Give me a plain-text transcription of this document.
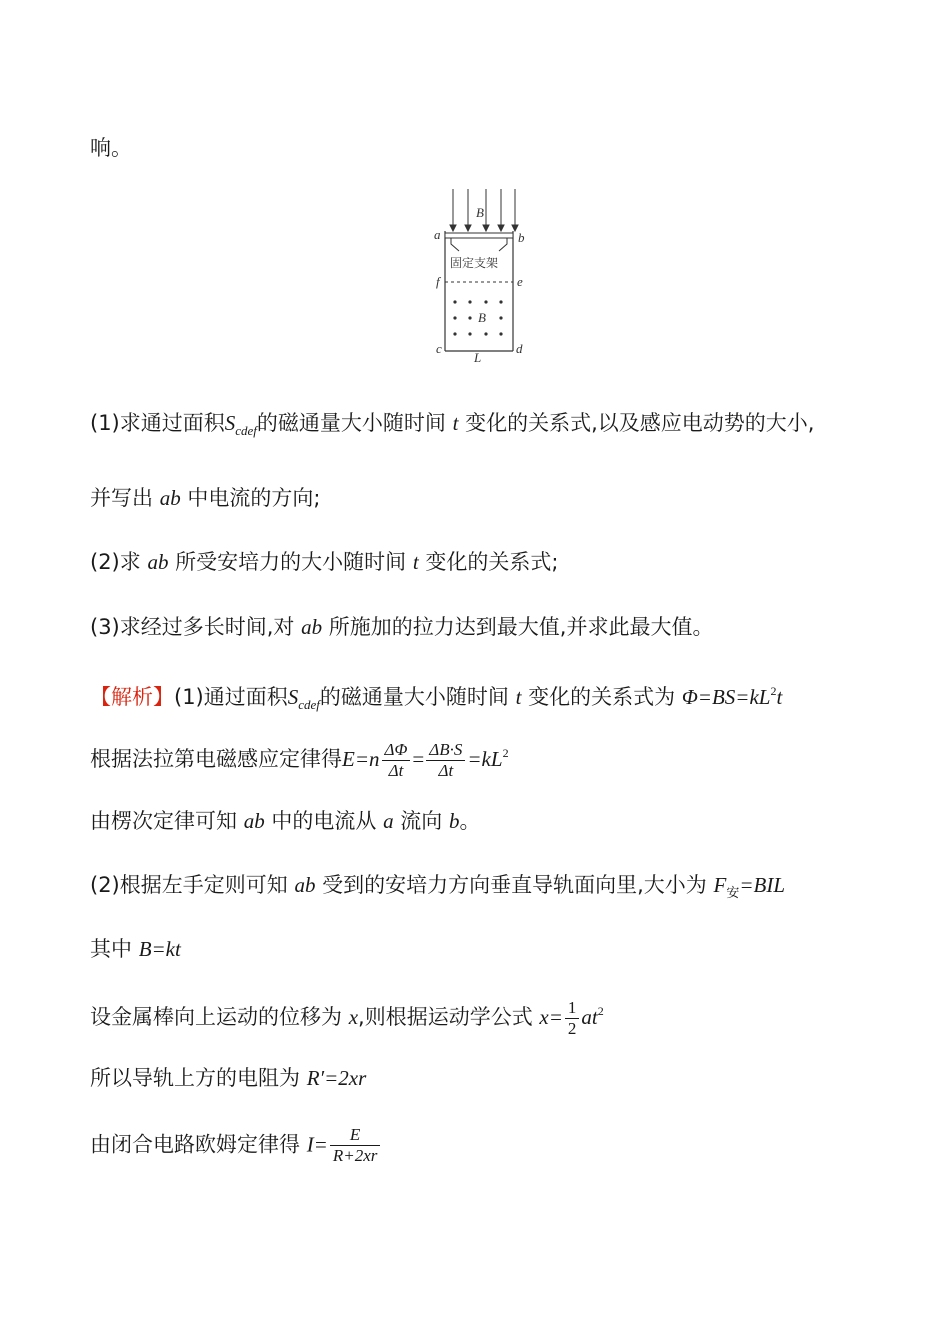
响。
B
固定支架
B
a	b
f	e
c	d
L
(1)求通过面积$S_{cdef}$的磁通量大小随时间 t 变化的关系式,以及感应电动势的大小,
并写出 ab 中电流的方向;
(2)求 ab 所受安培力的大小随时间 t 变化的关系式;
(3)求经过多长时间,对 ab 所施加的拉力达到最大值,并求此最大值。
【解析】(1)通过面积$S_{cdef}$的磁通量大小随时间 t 变化的关系式为 $\Phi=BS=kL^2t$
根据法拉第电磁感应定律得$E=n \frac{\Delta\Phi}{\Delta t} = \frac{\Delta B\cdot S}{\Delta t} =kL^2$
由楞次定律可知 ab 中的电流从 a 流向 b。
(2)根据左手定则可知 ab 受到的安培力方向垂直导轨面向里,大小为 $F_安=BIL$
其中 B=kt
设金属棒向上运动的位移为 x,则根据运动学公式 $x= \frac{1}{2} at^2$
所以导轨上方的电阻为 R′=2xr
由闭合电路欧姆定律得 $I= \frac{E}{R+2xr}$
